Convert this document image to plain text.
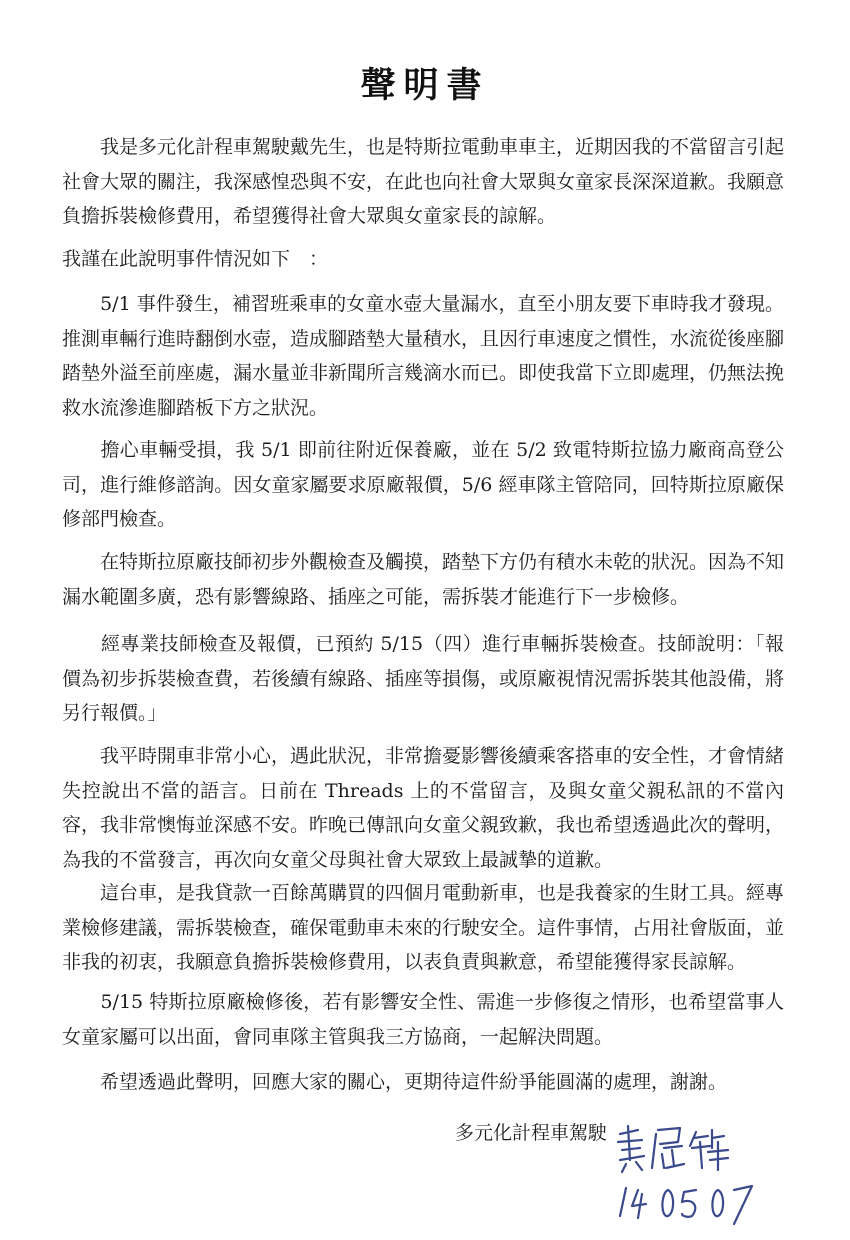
聲明書

　　我是多元化計程車駕駛戴先生，也是特斯拉電動車車主，近期因我的不當留言引起社會大眾的關注，我深感惶恐與不安，在此也向社會大眾與女童家長深深道歉。我願意負擔拆裝檢修費用，希望獲得社會大眾與女童家長的諒解。

我謹在此說明事件情況如下　：

　　5/1 事件發生，補習班乘車的女童水壺大量漏水，直至小朋友要下車時我才發現。推測車輛行進時翻倒水壺，造成腳踏墊大量積水，且因行車速度之慣性，水流從後座腳踏墊外溢至前座處，漏水量並非新聞所言幾滴水而已。即使我當下立即處理，仍無法挽救水流滲進腳踏板下方之狀況。

　　擔心車輛受損，我 5/1 即前往附近保養廠，並在 5/2 致電特斯拉協力廠商高登公司，進行維修諮詢。因女童家屬要求原廠報價，5/6 經車隊主管陪同，回特斯拉原廠保修部門檢查。

　　在特斯拉原廠技師初步外觀檢查及觸摸，踏墊下方仍有積水未乾的狀況。因為不知漏水範圍多廣，恐有影響線路、插座之可能，需拆裝才能進行下一步檢修。

　　經專業技師檢查及報價，已預約 5/15（四）進行車輛拆裝檢查。技師說明：「報價為初步拆裝檢查費，若後續有線路、插座等損傷，或原廠視情況需拆裝其他設備，將另行報價。」

　　我平時開車非常小心，遇此狀況，非常擔憂影響後續乘客搭車的安全性，才會情緒失控說出不當的語言。日前在 Threads 上的不當留言，及與女童父親私訊的不當內容，我非常懊悔並深感不安。昨晚已傳訊向女童父親致歉，我也希望透過此次的聲明，為我的不當發言，再次向女童父母與社會大眾致上最誠摯的道歉。

　　這台車，是我貸款一百餘萬購買的四個月電動新車，也是我養家的生財工具。經專業檢修建議，需拆裝檢查，確保電動車未來的行駛安全。這件事情，占用社會版面，並非我的初衷，我願意負擔拆裝檢修費用，以表負責與歉意，希望能獲得家長諒解。

　　5/15 特斯拉原廠檢修後，若有影響安全性、需進一步修復之情形，也希望當事人女童家屬可以出面，會同車隊主管與我三方協商，一起解決問題。

　　希望透過此聲明，回應大家的關心，更期待這件紛爭能圓滿的處理，謝謝。

多元化計程車駕駛
